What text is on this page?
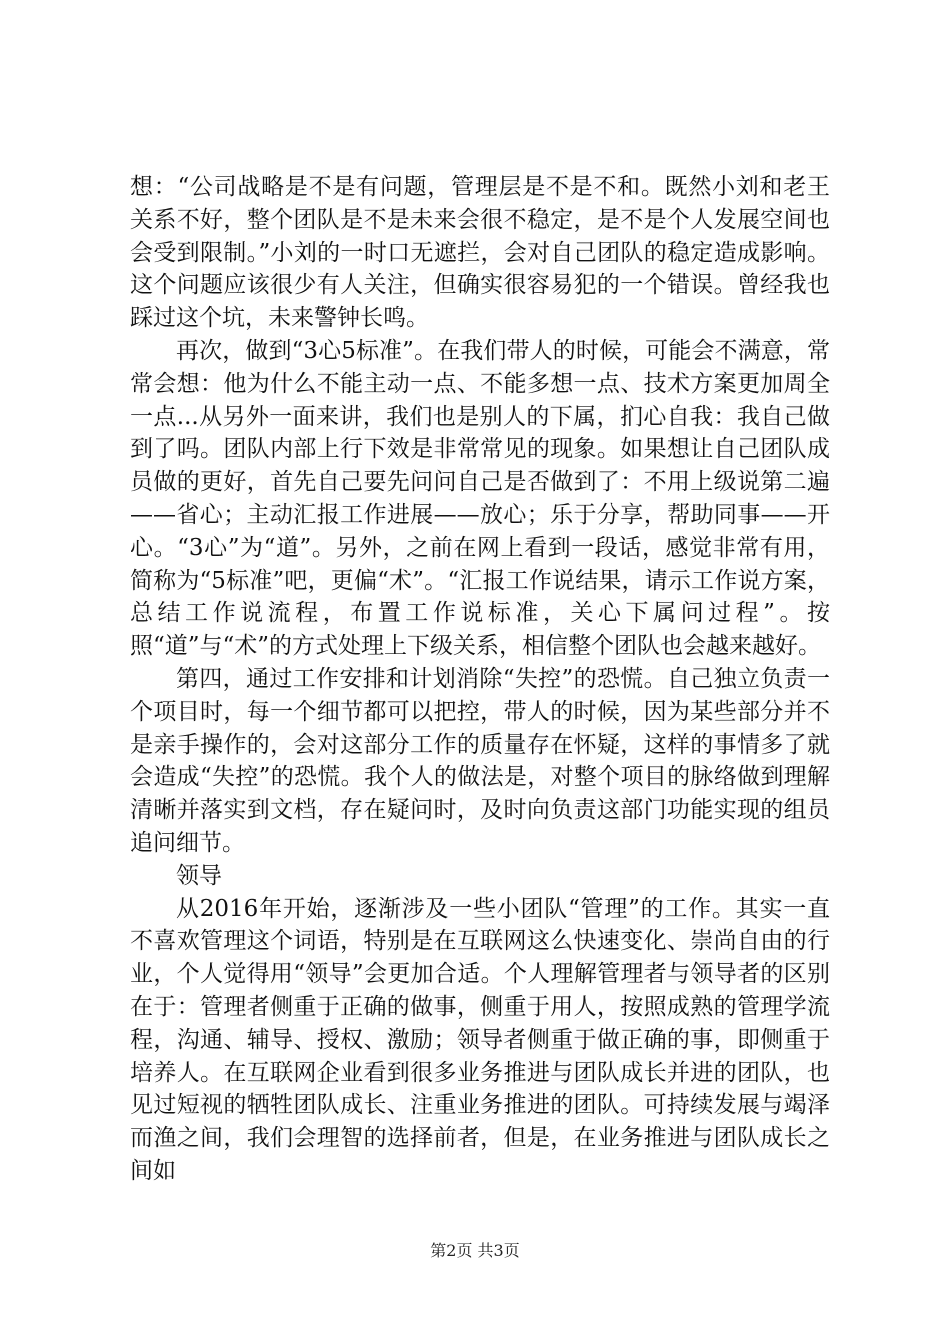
想：“公司战略是不是有问题，管理层是不是不和。既然小刘和老王关系不好，整个团队是不是未来会很不稳定，是不是个人发展空间也会受到限制。”小刘的一时口无遮拦，会对自己团队的稳定造成影响。这个问题应该很少有人关注，但确实很容易犯的一个错误。曾经我也踩过这个坑，未来警钟长鸣。

再次，做到“3心5标准”。在我们带人的时候，可能会不满意，常常会想：他为什么不能主动一点、不能多想一点、技术方案更加周全一点...从另外一面来讲，我们也是别人的下属，扪心自我：我自己做到了吗。团队内部上行下效是非常常见的现象。如果想让自己团队成员做的更好，首先自己要先问问自己是否做到了：不用上级说第二遍——省心；主动汇报工作进展——放心；乐于分享，帮助同事——开心。“3心”为“道”。另外，之前在网上看到一段话，感觉非常有用，简称为“5标准”吧，更偏“术”。“汇报工作说结果，请示工作说方案，总结工作说流程，布置工作说标准，关心下属问过程”。按照“道”与“术”的方式处理上下级关系，相信整个团队也会越来越好。

第四，通过工作安排和计划消除“失控”的恐慌。自己独立负责一个项目时，每一个细节都可以把控，带人的时候，因为某些部分并不是亲手操作的，会对这部分工作的质量存在怀疑，这样的事情多了就会造成“失控”的恐慌。我个人的做法是，对整个项目的脉络做到理解清晰并落实到文档，存在疑问时，及时向负责这部门功能实现的组员追问细节。

领导

从2016年开始，逐渐涉及一些小团队“管理”的工作。其实一直不喜欢管理这个词语，特别是在互联网这么快速变化、崇尚自由的行业，个人觉得用“领导”会更加合适。个人理解管理者与领导者的区别在于：管理者侧重于正确的做事，侧重于用人，按照成熟的管理学流程，沟通、辅导、授权、激励；领导者侧重于做正确的事，即侧重于培养人。在互联网企业看到很多业务推进与团队成长并进的团队，也见过短视的牺牲团队成长、注重业务推进的团队。可持续发展与竭泽而渔之间，我们会理智的选择前者，但是，在业务推进与团队成长之间如

第2页 共3页
